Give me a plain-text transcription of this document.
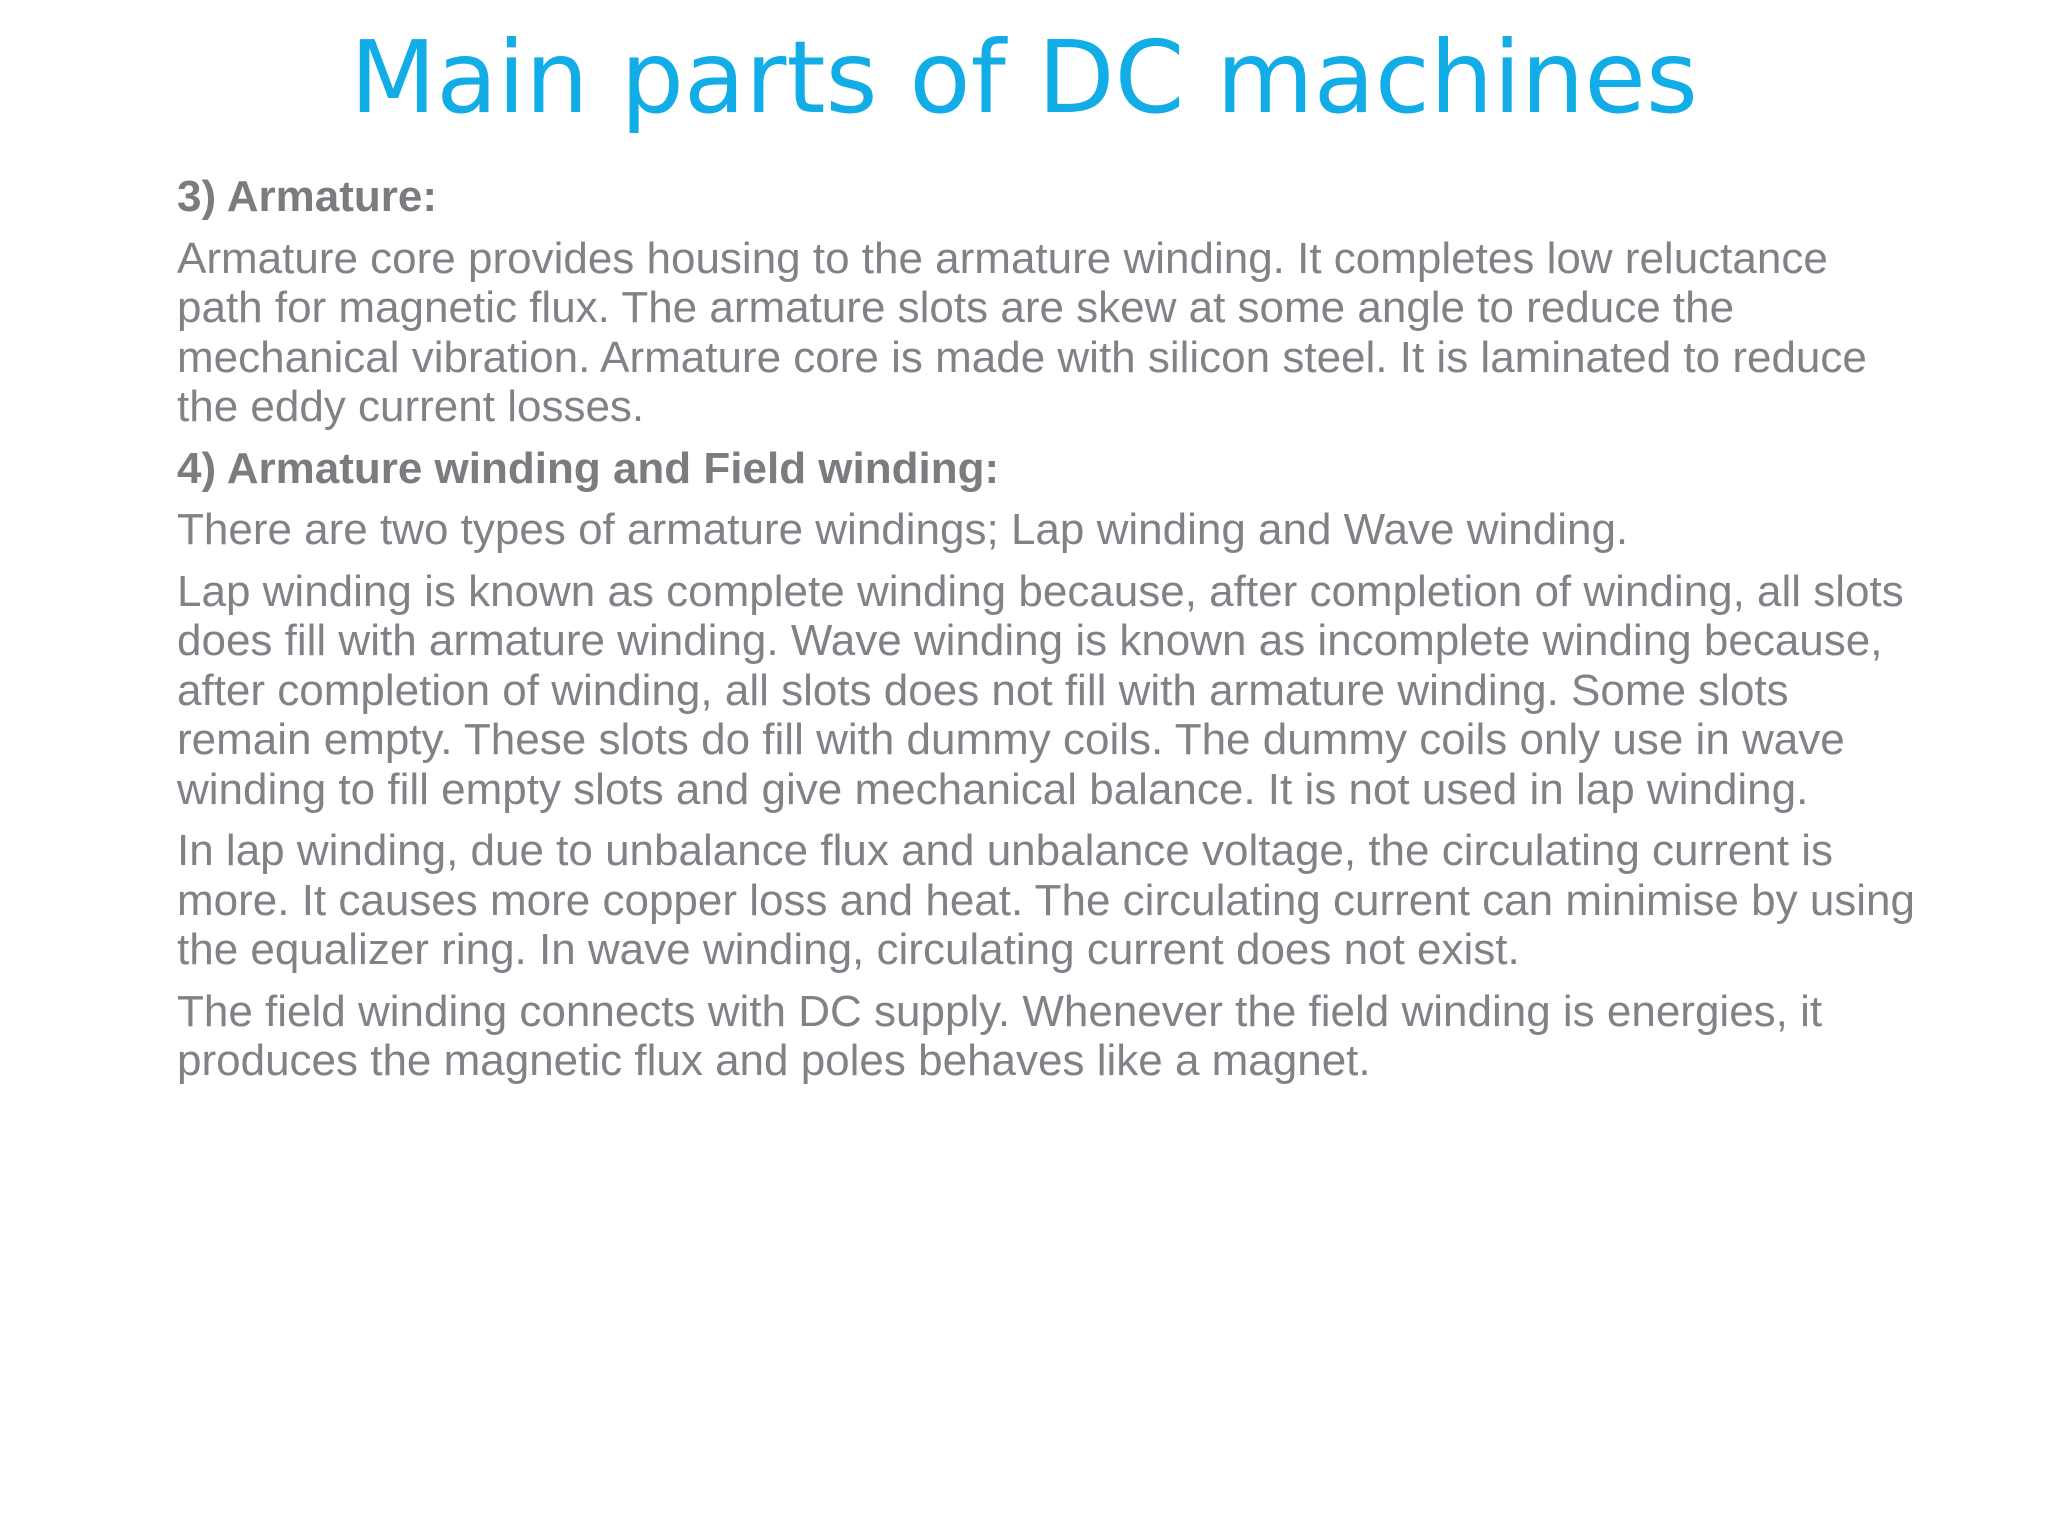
Main parts of DC machines

3) Armature:

Armature core provides housing to the armature winding. It completes low reluctance path for magnetic flux. The armature slots are skew at some angle to reduce the mechanical vibration. Armature core is made with silicon steel. It is laminated to reduce the eddy current losses.

4) Armature winding and Field winding:

There are two types of armature windings; Lap winding and Wave winding.

Lap winding is known as complete winding because, after completion of winding, all slots does fill with armature winding. Wave winding is known as incomplete winding because, after completion of winding, all slots does not fill with armature winding. Some slots remain empty. These slots do fill with dummy coils. The dummy coils only use in wave winding to fill empty slots and give mechanical balance. It is not used in lap winding.

In lap winding, due to unbalance flux and unbalance voltage, the circulating current is more. It causes more copper loss and heat. The circulating current can minimise by using the equalizer ring. In wave winding, circulating current does not exist.

The field winding connects with DC supply. Whenever the field winding is energies, it produces the magnetic flux and poles behaves like a magnet.
